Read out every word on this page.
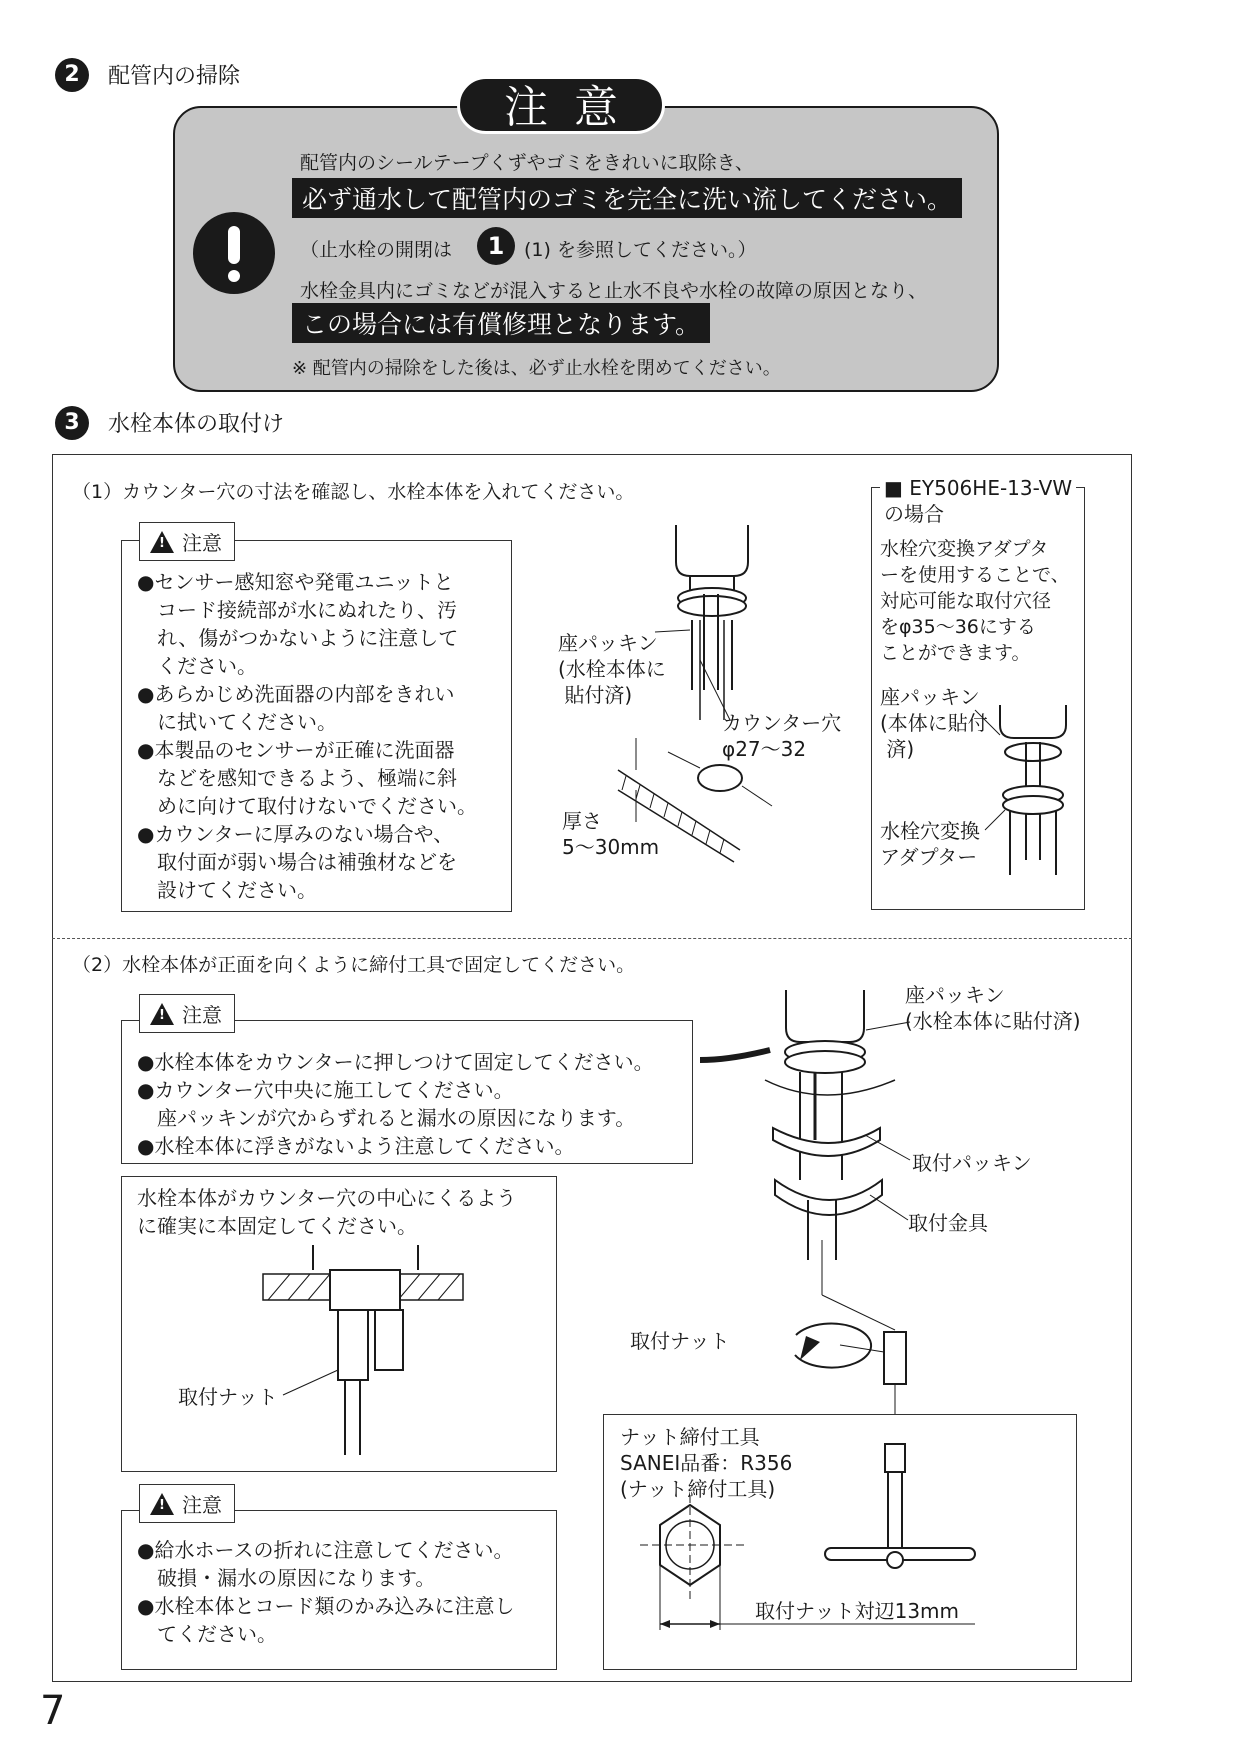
2	配管内の掃除
注意
配管内のシールテープくずやゴミをきれいに取除き、
必ず通水して配管内のゴミを完全に洗い流してください。
（止水栓の開閉は	1	(1) を参照してください。）
水栓金具内にゴミなどが混入すると止水不良や水栓の故障の原因となり、
この場合には有償修理となります。
※ 配管内の掃除をした後は、必ず止水栓を閉めてください。
3	水栓本体の取付け
（1）カウンター穴の寸法を確認し、水栓本体を入れてください。
!注意
●センサー感知窓や発電ユニットと
　コード接続部が水にぬれたり、汚
　れ、傷がつかないように注意して
　ください。
●あらかじめ洗面器の内部をきれい
　に拭いてください。
●本製品のセンサーが正確に洗面器
　などを感知できるよう、極端に斜
　めに向けて取付けないでください。
●カウンターに厚みのない場合や、
　取付面が弱い場合は補強材などを
　設けてください。
座パッキン
(水栓本体に
貼付済)
カウンター穴
φ27～32
厚さ
5～30mm
■ EY506HE-13-VW
の場合
水栓穴変換アダプタ
ーを使用することで、
対応可能な取付穴径
をφ35～36にする
ことができます。
座パッキン
(本体に貼付
済)
水栓穴変換
アダプター
（2）水栓本体が正面を向くように締付工具で固定してください。
!注意
●水栓本体をカウンターに押しつけて固定してください。
●カウンター穴中央に施工してください。
　座パッキンが穴からずれると漏水の原因になります。
●水栓本体に浮きがないよう注意してください。
水栓本体がカウンター穴の中心にくるよう
に確実に本固定してください。
取付ナット
!注意
●給水ホースの折れに注意してください。
　破損・漏水の原因になります。
●水栓本体とコード類のかみ込みに注意し
　てください。
座パッキン
(水栓本体に貼付済)
取付パッキン
取付金具
取付ナット
ナット締付工具
SANEI品番：R356
(ナット締付工具)
取付ナット対辺13mm
7
